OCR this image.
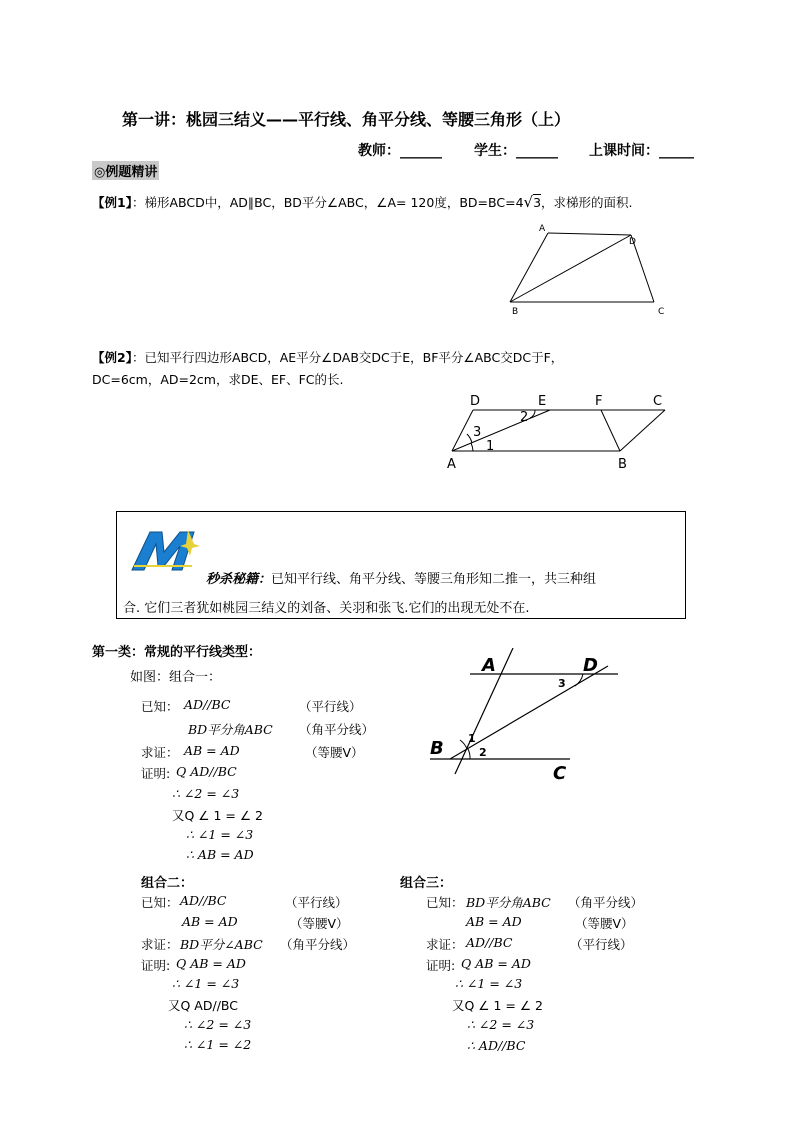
第一讲：桃园三结义——平行线、角平分线、等腰三角形（上）
教师：______ 学生：______ 上课时间：_____
◎例题精讲
【例1】：梯形ABCD中，AD∥BC，BD平分∠ABC，∠A= 120度，BD=BC=4√3，求梯形的面积.
A
D
B	C
【例2】：已知平行四边形ABCD，AE平分∠DAB交DC于E，BF平分∠ABC交DC于F，
DC=6cm，AD=2cm，求DE、EF、FC的长.
D	E	F	C
A	B
2
3
1
M
秒杀秘籍：已知平行线、角平分线、等腰三角形知二推一，共三种组
合. 它们三者犹如桃园三结义的刘备、关羽和张飞.它们的出现无处不在.
第一类：常规的平行线类型：
如图：组合一：
已知： AD//BC	（平行线）
BD平分角ABC （角平分线）
求证： AB = AD	（等腰V）
证明: Q AD//BC
∴ ∠2 = ∠3
又Q ∠ 1 = ∠ 2
∴ ∠1 = ∠3
∴ AB = AD
A	D
B
C
1
2
3
组合二：
已知： AD//BC	（平行线）
AB = AD	（等腰V）
求证： BD平分∠ABC （角平分线）
证明: Q AB = AD
∴ ∠1 = ∠3
又Q AD//BC
∴ ∠2 = ∠3
∴ ∠1 = ∠2
组合三：
已知： BD平分角ABC （角平分线）
AB = AD	（等腰V）
求证： AD//BC	（平行线）
证明: Q AB = AD
∴ ∠1 = ∠3
又Q ∠ 1 = ∠ 2
∴ ∠2 = ∠3
∴ AD//BC
